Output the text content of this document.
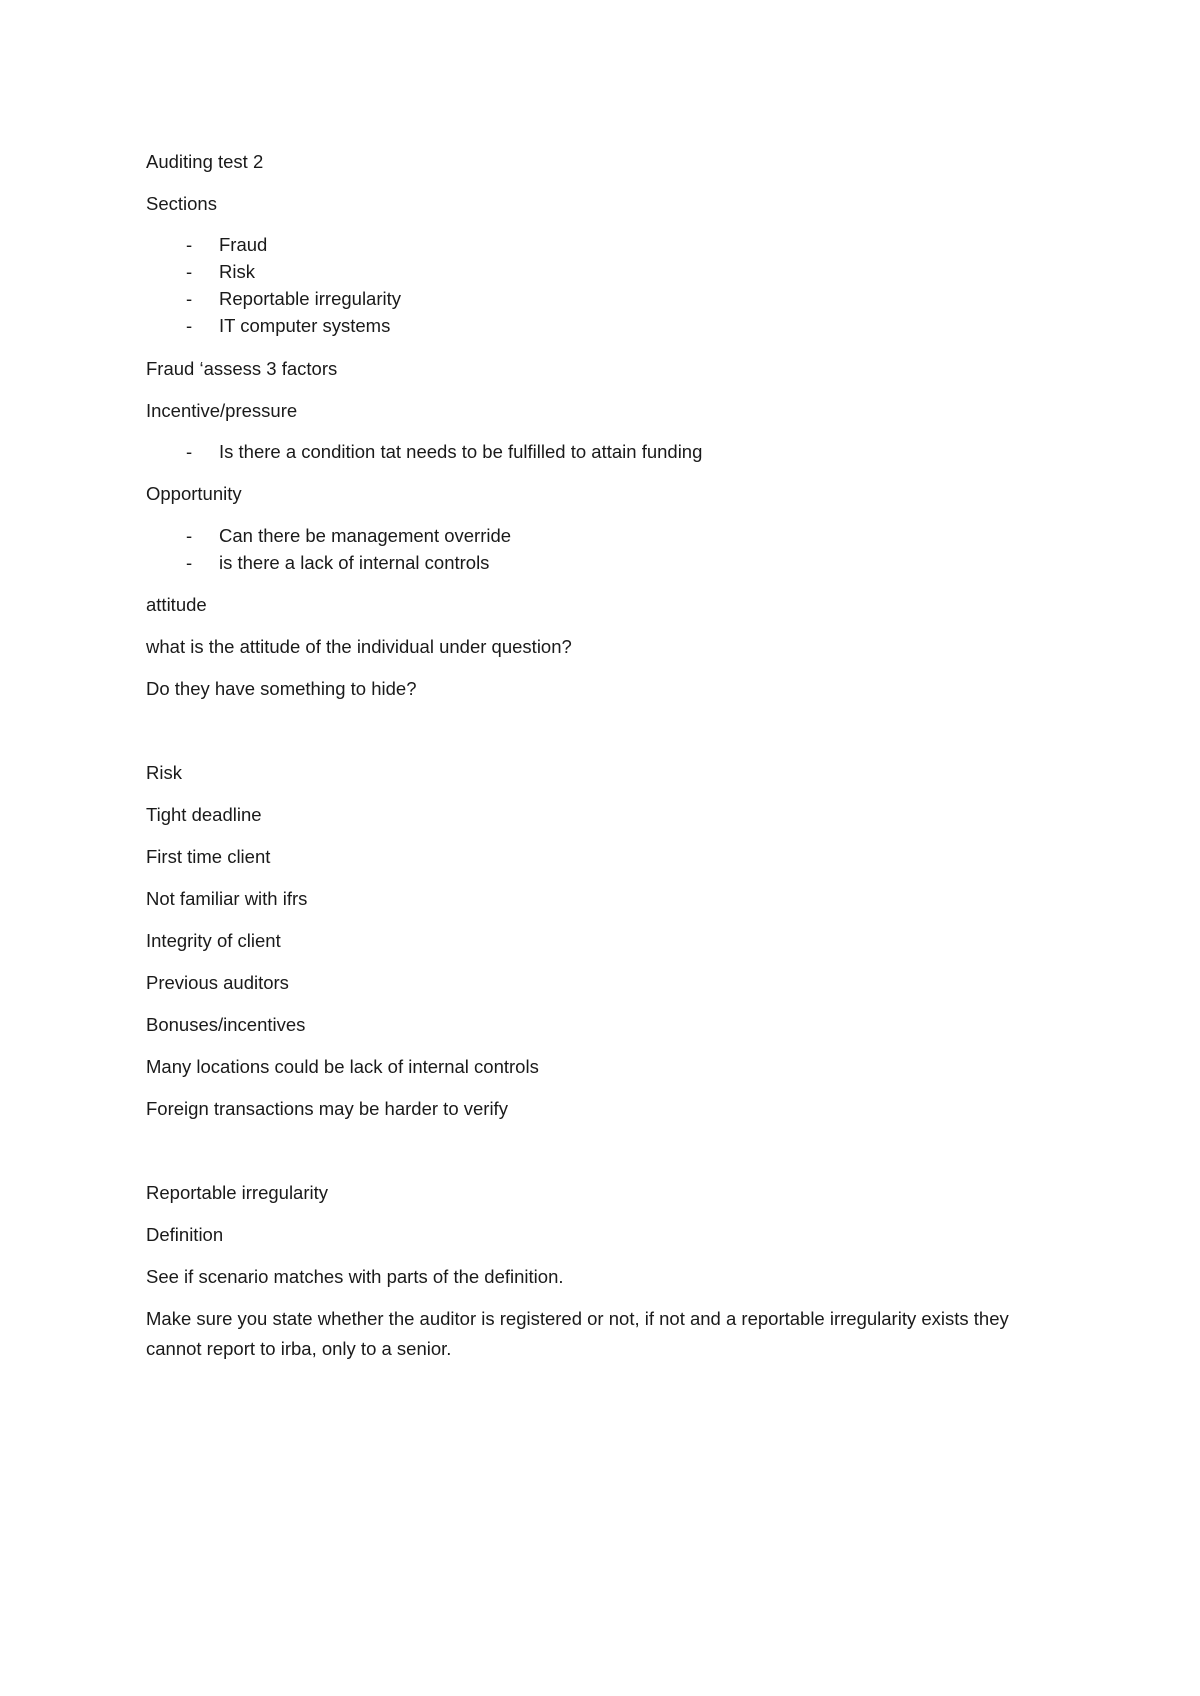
Auditing test 2

Sections

-	Fraud
-	Risk
-	Reportable irregularity
-	IT computer systems

Fraud ‘assess 3 factors

Incentive/pressure

-	Is there a condition tat needs to be fulfilled to attain funding

Opportunity

-	Can there be management override
-	is there a lack of internal controls

attitude

what is the attitude of the individual under question?

Do they have something to hide?

Risk

Tight deadline

First time client

Not familiar with ifrs

Integrity of client

Previous auditors

Bonuses/incentives

Many locations could be lack of internal controls

Foreign transactions may be harder to verify

Reportable irregularity

Definition

See if scenario matches with parts of the definition.

Make sure you state whether the auditor is registered or not, if not and a reportable irregularity exists they cannot report to irba, only to a senior.
